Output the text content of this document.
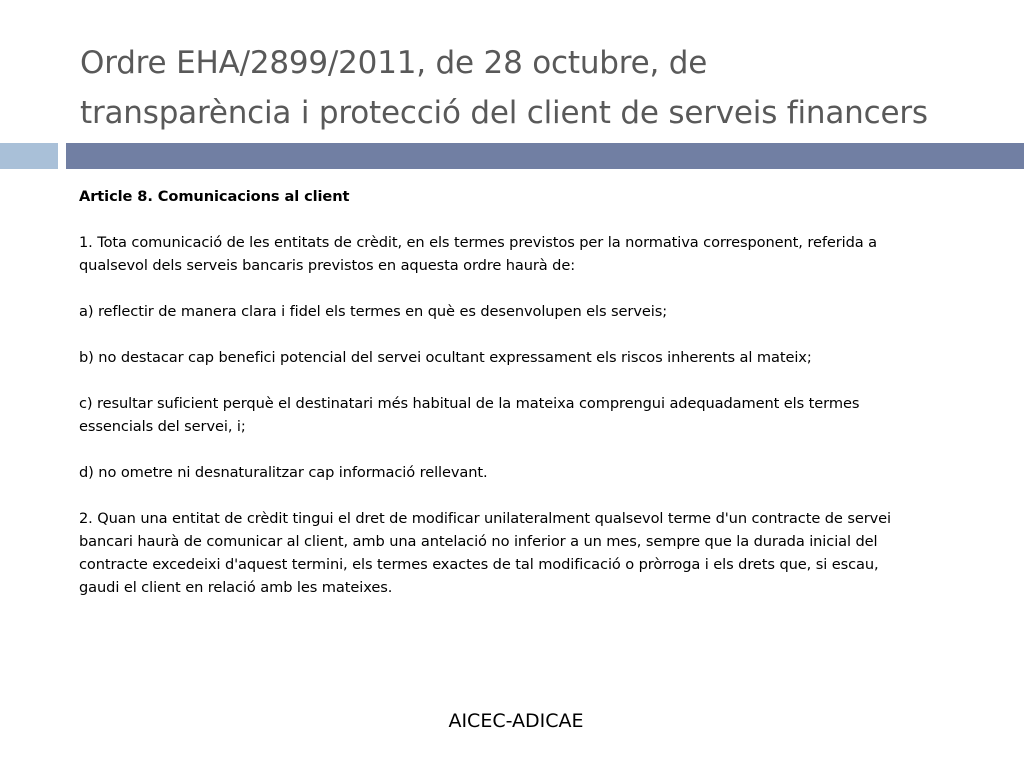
Ordre EHA/2899/2011, de 28 octubre, de
transparència i protecció del client de serveis financers

Article 8. Comunicacions al client

1. Tota comunicació de les entitats de crèdit, en els termes previstos per la normativa corresponent, referida a
qualsevol dels serveis bancaris previstos en aquesta ordre haurà de:

a) reflectir de manera clara i fidel els termes en què es desenvolupen els serveis;

b) no destacar cap benefici potencial del servei ocultant expressament els riscos inherents al mateix;

c) resultar suficient perquè el destinatari més habitual de la mateixa comprengui adequadament els termes
essencials del servei, i;

d) no ometre ni desnaturalitzar cap informació rellevant.

2. Quan una entitat de crèdit tingui el dret de modificar unilateralment qualsevol terme d'un contracte de servei
bancari haurà de comunicar al client, amb una antelació no inferior a un mes, sempre que la durada inicial del
contracte excedeixi d'aquest termini, els termes exactes de tal modificació o pròrroga i els drets que, si escau,
gaudi el client en relació amb les mateixes.

AICEC-ADICAE
